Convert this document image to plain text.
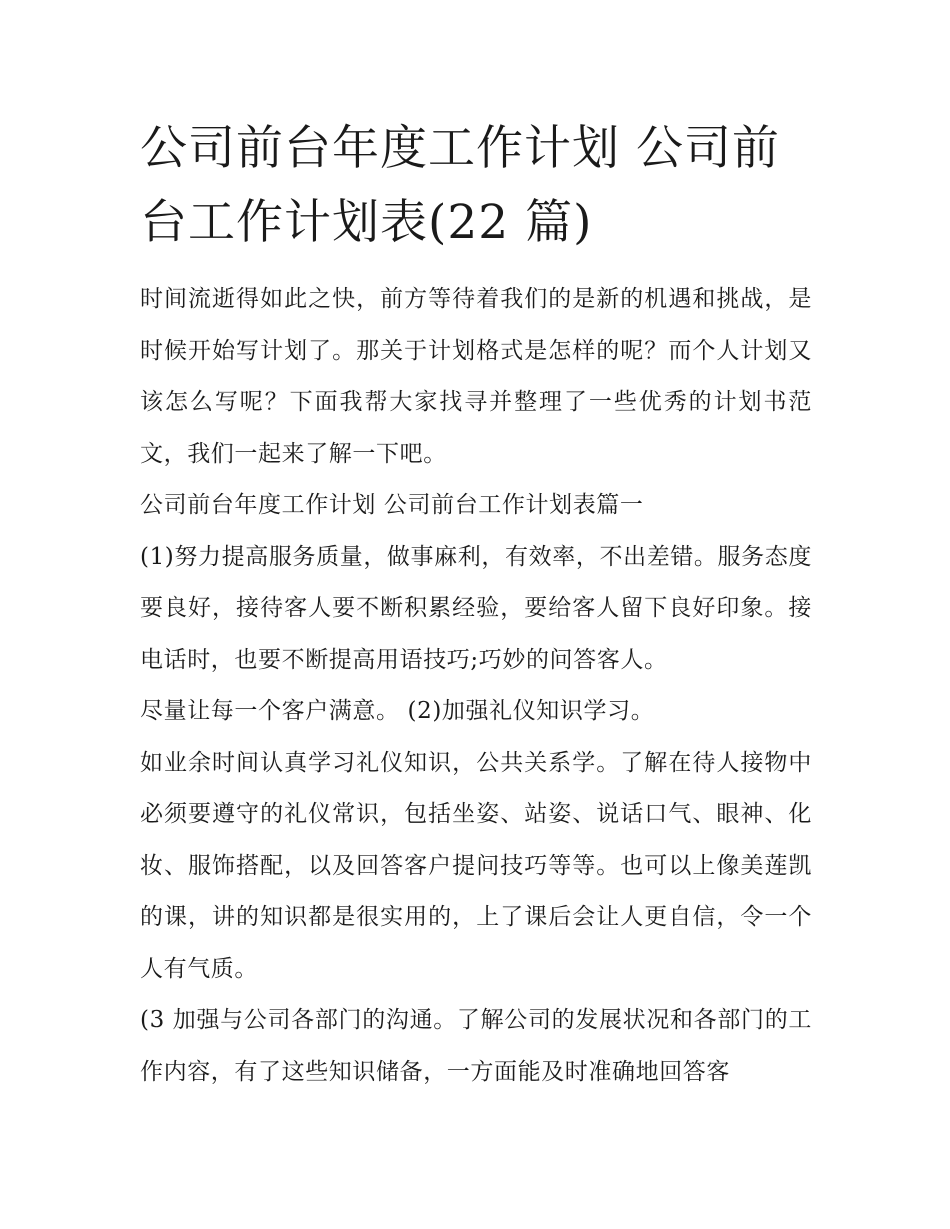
公司前台年度工作计划 公司前台工作计划表(22 篇)

时间流逝得如此之快，前方等待着我们的是新的机遇和挑战，是时候开始写计划了。那关于计划格式是怎样的呢？而个人计划又该怎么写呢？下面我帮大家找寻并整理了一些优秀的计划书范文，我们一起来了解一下吧。

公司前台年度工作计划 公司前台工作计划表篇一

(1)努力提高服务质量，做事麻利，有效率，不出差错。服务态度要良好，接待客人要不断积累经验，要给客人留下良好印象。接电话时，也要不断提高用语技巧;巧妙的问答客人。

尽量让每一个客户满意。 (2)加强礼仪知识学习。

如业余时间认真学习礼仪知识，公共关系学。了解在待人接物中必须要遵守的礼仪常识，包括坐姿、站姿、说话口气、眼神、化妆、服饰搭配，以及回答客户提问技巧等等。也可以上像美莲凯的课，讲的知识都是很实用的，上了课后会让人更自信，令一个人有气质。

(3 加强与公司各部门的沟通。了解公司的发展状况和各部门的工作内容，有了这些知识储备，一方面能及时准确地回答客
